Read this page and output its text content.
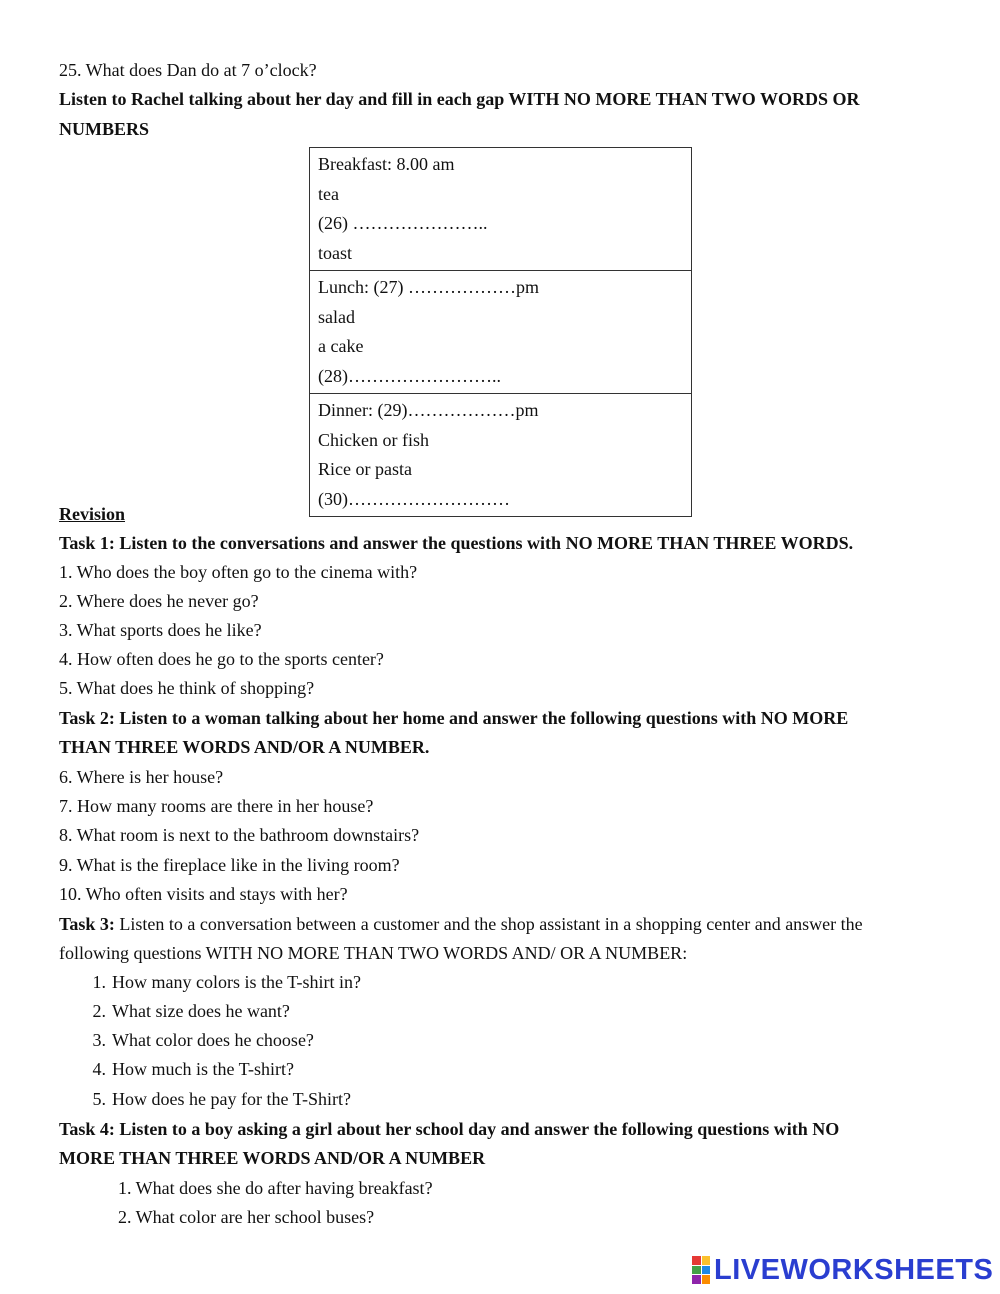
25. What does Dan do at 7 o’clock?
Listen to Rachel talking about her day and fill in each gap WITH NO MORE THAN TWO WORDS OR
NUMBERS
Breakfast: 8.00 am
tea
(26) …………………..
toast

Lunch: (27) ………………pm
salad
a cake
(28)……………………..

Dinner: (29)………………pm
Chicken or fish
Rice or pasta
(30)………………………
Revision
Task 1: Listen to the conversations and answer the questions with NO MORE THAN THREE WORDS.
1. Who does the boy often go to the cinema with?
2. Where does he never go?
3. What sports does he like?
4. How often does he go to the sports center?
5. What does he think of shopping?
Task 2: Listen to a woman talking about her home and answer the following questions with NO MORE
THAN THREE WORDS AND/OR A NUMBER.
6. Where is her house?
7. How many rooms are there in her house?
8. What room is next to the bathroom downstairs?
9. What is the fireplace like in the living room?
10. Who often visits and stays with her?
Task 3: Listen to a conversation between a customer and the shop assistant in a shopping center and answer the
following questions WITH NO MORE THAN TWO WORDS AND/ OR A NUMBER:
1. How many colors is the T-shirt in?
2. What size does he want?
3. What color does he choose?
4. How much is the T-shirt?
5. How does he pay for the T-Shirt?
Task 4: Listen to a boy asking a girl about her school day and answer the following questions with NO
MORE THAN THREE WORDS AND/OR A NUMBER
1. What does she do after having breakfast?
2. What color are her school buses?
LIVEWORKSHEETS
